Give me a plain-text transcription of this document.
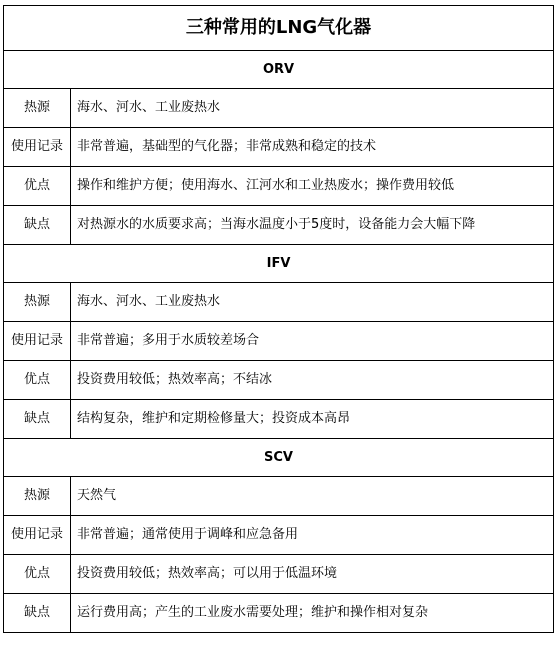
三种常用的LNG气化器	
ORV	
热源	海水、河水、工业废热水
使用记录	非常普遍，基础型的气化器；非常成熟和稳定的技术
优点	操作和维护方便；使用海水、江河水和工业热废水；操作费用较低
缺点	对热源水的水质要求高；当海水温度小于5度时，设备能力会大幅下降
IFV	
热源	海水、河水、工业废热水
使用记录	非常普遍；多用于水质较差场合
优点	投资费用较低；热效率高；不结冰
缺点	结构复杂，维护和定期检修量大；投资成本高昂
SCV	
热源	天然气
使用记录	非常普遍；通常使用于调峰和应急备用
优点	投资费用较低；热效率高；可以用于低温环境
缺点	运行费用高；产生的工业废水需要处理；维护和操作相对复杂
